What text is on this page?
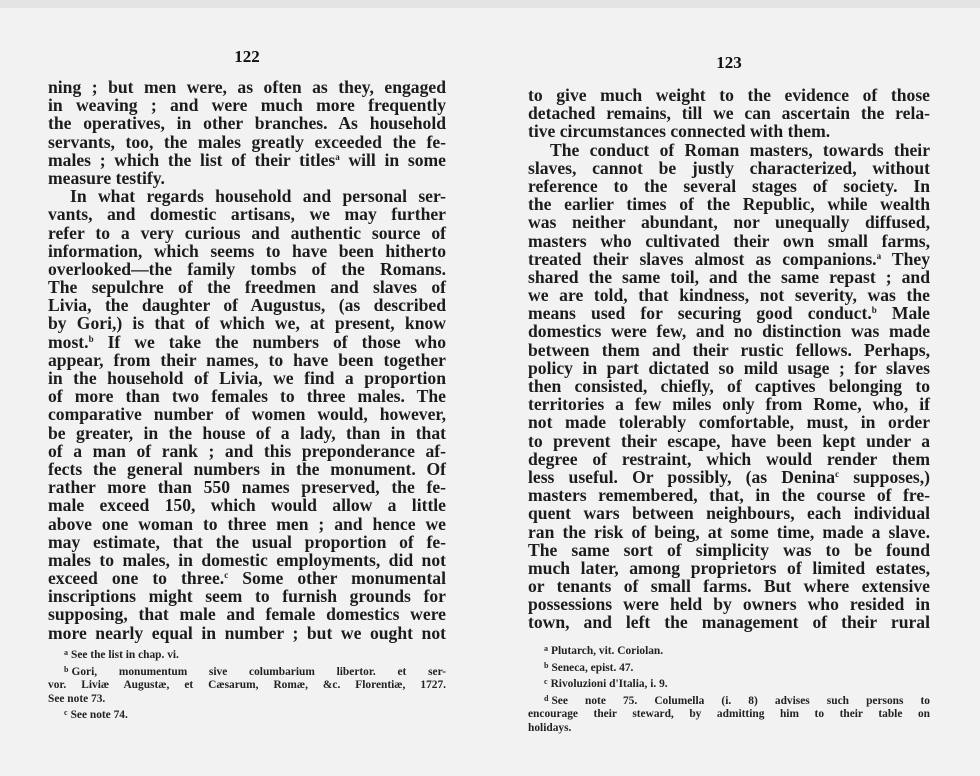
122
ning ; but men were, as often as they, engaged
in weaving ; and were much more frequently
the operatives, in other branches. As household
servants, too, the males greatly exceeded the fe-
males ; which the list of their titles$^a$ will in some
measure testify.
In what regards household and personal ser-
vants, and domestic artisans, we may further
refer to a very curious and authentic source of
information, which seems to have been hitherto
overlooked—the family tombs of the Romans.
The sepulchre of the freedmen and slaves of
Livia, the daughter of Augustus, (as described
by Gori,) is that of which we, at present, know
most.$^b$ If we take the numbers of those who
appear, from their names, to have been together
in the household of Livia, we find a proportion
of more than two females to three males. The
comparative number of women would, however,
be greater, in the house of a lady, than in that
of a man of rank ; and this preponderance af-
fects the general numbers in the monument. Of
rather more than 550 names preserved, the fe-
male exceed 150, which would allow a little
above one woman to three men ; and hence we
may estimate, that the usual proportion of fe-
males to males, in domestic employments, did not
exceed one to three.$^c$ Some other monumental
inscriptions might seem to furnish grounds for
supposing, that male and female domestics were
more nearly equal in number ; but we ought not
$^a$ See the list in chap. vi.
$^b$ Gori, monumentum sive columbarium libertor. et ser-
vor. Liviæ Augustæ, et Cæsarum, Romæ, &c. Florentiæ, 1727.
See note 73.
$^c$ See note 74.
123
to give much weight to the evidence of those
detached remains, till we can ascertain the rela-
tive circumstances connected with them.
The conduct of Roman masters, towards their
slaves, cannot be justly characterized, without
reference to the several stages of society. In
the earlier times of the Republic, while wealth
was neither abundant, nor unequally diffused,
masters who cultivated their own small farms,
treated their slaves almost as companions.$^a$ They
shared the same toil, and the same repast ; and
we are told, that kindness, not severity, was the
means used for securing good conduct.$^b$ Male
domestics were few, and no distinction was made
between them and their rustic fellows. Perhaps,
policy in part dictated so mild usage ; for slaves
then consisted, chiefly, of captives belonging to
territories a few miles only from Rome, who, if
not made tolerably comfortable, must, in order
to prevent their escape, have been kept under a
degree of restraint, which would render them
less useful. Or possibly, (as Denina$^c$ supposes,)
masters remembered, that, in the course of fre-
quent wars between neighbours, each individual
ran the risk of being, at some time, made a slave.
The same sort of simplicity was to be found
much later, among proprietors of limited estates,
or tenants of small farms. But where extensive
possessions were held by owners who resided in
town, and left the management of their rural
$^a$ Plutarch, vit. Coriolan.
$^b$ Seneca, epist. 47.
$^c$ Rivoluzioni d'Italia, i. 9.
$^d$ See note 75. Columella (i. 8) advises such persons to
encourage their steward, by admitting him to their table on
holidays.
